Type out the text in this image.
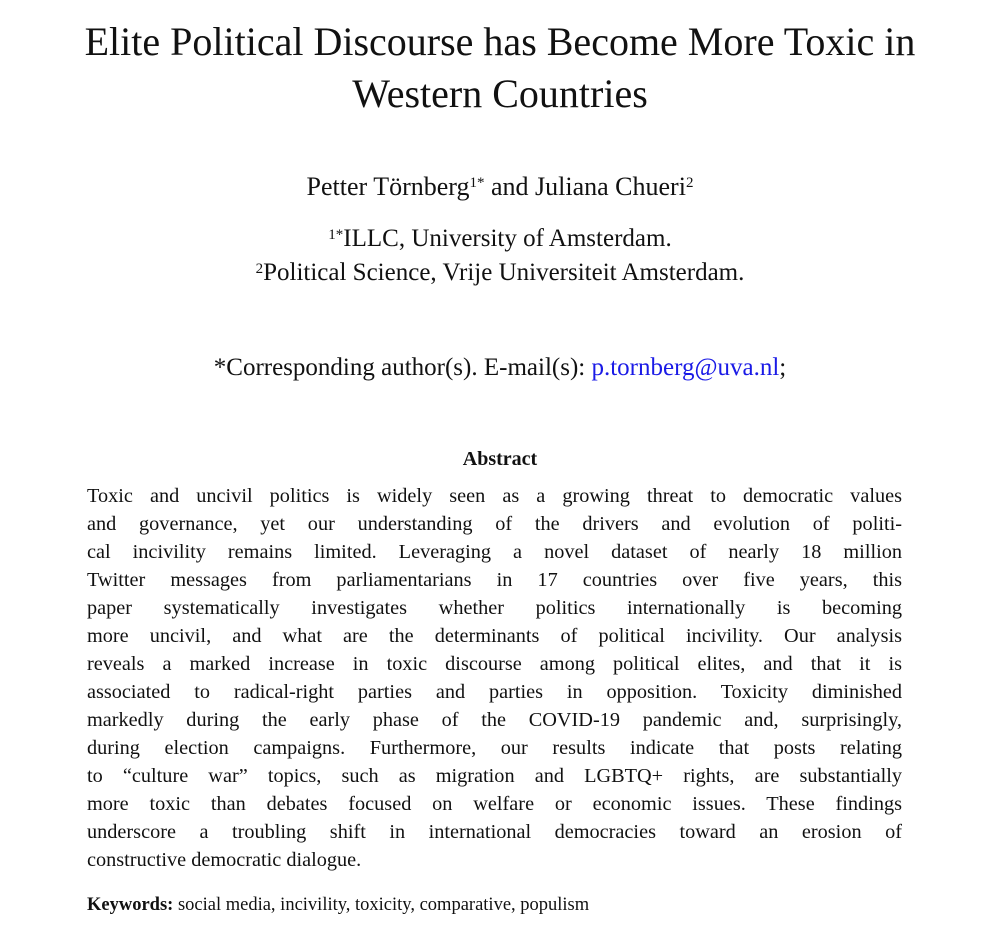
Elite Political Discourse has Become More Toxic in
Western Countries
Petter Törnberg$^{1*}$ and Juliana Chueri$^2$
$^{1*}$ILLC, University of Amsterdam.
$^2$Political Science, Vrije Universiteit Amsterdam.
*Corresponding author(s). E-mail(s): p.tornberg@uva.nl;
Abstract
Toxic and uncivil politics is widely seen as a growing threat to democratic values
and governance, yet our understanding of the drivers and evolution of politi-
cal incivility remains limited. Leveraging a novel dataset of nearly 18 million
Twitter messages from parliamentarians in 17 countries over five years, this
paper systematically investigates whether politics internationally is becoming
more uncivil, and what are the determinants of political incivility. Our analysis
reveals a marked increase in toxic discourse among political elites, and that it is
associated to radical-right parties and parties in opposition. Toxicity diminished
markedly during the early phase of the COVID-19 pandemic and, surprisingly,
during election campaigns. Furthermore, our results indicate that posts relating
to “culture war” topics, such as migration and LGBTQ+ rights, are substantially
more toxic than debates focused on welfare or economic issues. These findings
underscore a troubling shift in international democracies toward an erosion of
constructive democratic dialogue.
Keywords: social media, incivility, toxicity, comparative, populism
